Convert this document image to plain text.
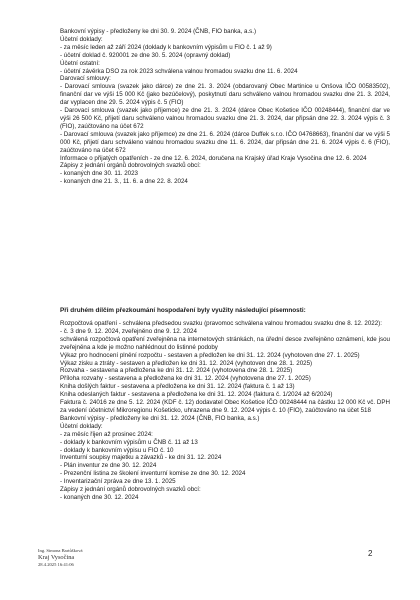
Bankovní výpisy - předloženy ke dni 30. 9. 2024 (ČNB, FIO banka, a.s.)
Účetní doklady:
- za měsíc leden až září 2024 (doklady k bankovním výpisům u FIO č. 1 až 9)
- účetní doklad č. 920001 ze dne 30. 5. 2024 (opravný doklad)
Účetní ostatní:
- účetní závěrka DSO za rok 2023 schválena valnou hromadou svazku dne 11. 6. 2024
Darovací smlouvy:
- Darovací smlouva (svazek jako dárce) ze dne 21. 3. 2024 (obdarovaný Obec Martinice u Onšova IČO 00583502), finanční dar ve výši 15 000 Kč (jako bezúčelový), poskytnutí daru schváleno valnou hromadou svazku dne 21. 3. 2024, dar vyplacen dne 29. 5. 2024 výpis č. 5 (FIO)
- Darovací smlouva (svazek jako příjemce) ze dne 21. 3. 2024 (dárce Obec Košetice IČO 00248444), finanční dar ve výši 26 500 Kč, přijetí daru schváleno valnou hromadou svazku dne 21. 3. 2024, dar připsán dne 22. 3. 2024 výpis č. 3 (FIO), zaúčtováno na účet 672
- Darovací smlouva (svazek jako příjemce) ze dne 21. 6. 2024 (dárce Duffek s.r.o. IČO 04768663), finanční dar ve výši 5 000 Kč, přijetí daru schváleno valnou hromadou svazku dne 11. 6. 2024, dar připsán dne 21. 6. 2024 výpis č. 6 (FIO), zaúčtováno na účet 672
Informace o přijatých opatřeních - ze dne 12. 6. 2024, doručena na Krajský úřad Kraje Vysočina dne 12. 6. 2024
Zápisy z jednání orgánů dobrovolných svazků obcí:
- konaných dne 30. 11. 2023
- konaných dne 21. 3., 11. 6. a dne 22. 8. 2024
Při druhém dílčím přezkoumání hospodaření byly využity následující písemnosti:
Rozpočtová opatření - schválena předsedou svazku (pravomoc schválena valnou hromadou svazku dne 8. 12. 2022):
- č. 3 dne 9. 12. 2024, zveřejněno dne 9. 12. 2024
schválená rozpočtová opatření zveřejněna na internetových stránkách, na úřední desce zveřejněno oznámení, kde jsou zveřejněna a kde je možno nahlédnout do listinné podoby
Výkaz pro hodnocení plnění rozpočtu - sestaven a předložen ke dni 31. 12. 2024 (vyhotoven dne 27. 1. 2025)
Výkaz zisku a ztráty - sestaven a předložen ke dni 31. 12. 2024 (vyhotoven dne 28. 1. 2025)
Rozvaha - sestavena a předložena ke dni 31. 12. 2024 (vyhotovena dne 28. 1. 2025)
Příloha rozvahy - sestavena a předložena ke dni 31. 12. 2024 (vyhotovena dne 27. 1. 2025)
Kniha došlých faktur - sestavena a předložena ke dni 31. 12. 2024 (faktura č. 1 až 13)
Kniha odeslaných faktur - sestavena a předložena ke dni 31. 12. 2024 (faktura č. 1/2024 až 6/2024)
Faktura č. 24016 ze dne 5. 12. 2024 (KDF č. 12) dodavatel Obec Košetice IČO 00248444 na částku 12 000 Kč vč. DPH za vedení účetnictví Mikroregionu Košeticko, uhrazena dne 9. 12. 2024 výpis č. 10 (FIO), zaúčtováno na účet 518
Bankovní výpisy - předloženy ke dni 31. 12. 2024 (ČNB, FIO banka, a.s.)
Účetní doklady:
- za měsíc říjen až prosinec 2024:
- doklady k bankovním výpisům u ČNB č. 11 až 13
- doklady k bankovním výpisu u FIO č. 10
Inventurní soupisy majetku a závazků - ke dni 31. 12. 2024
- Plán inventur ze dne 30. 12. 2024
- Prezenční listina ze školení inventurní komise ze dne 30. 12. 2024
- Inventarizační zpráva ze dne 13. 1. 2025
Zápisy z jednání orgánů dobrovolných svazků obcí:
- konaných dne 30. 12. 2024
Ing. Simona Bartůšková
Kraj Vysočina
28.4.2025 16:41:06
2
